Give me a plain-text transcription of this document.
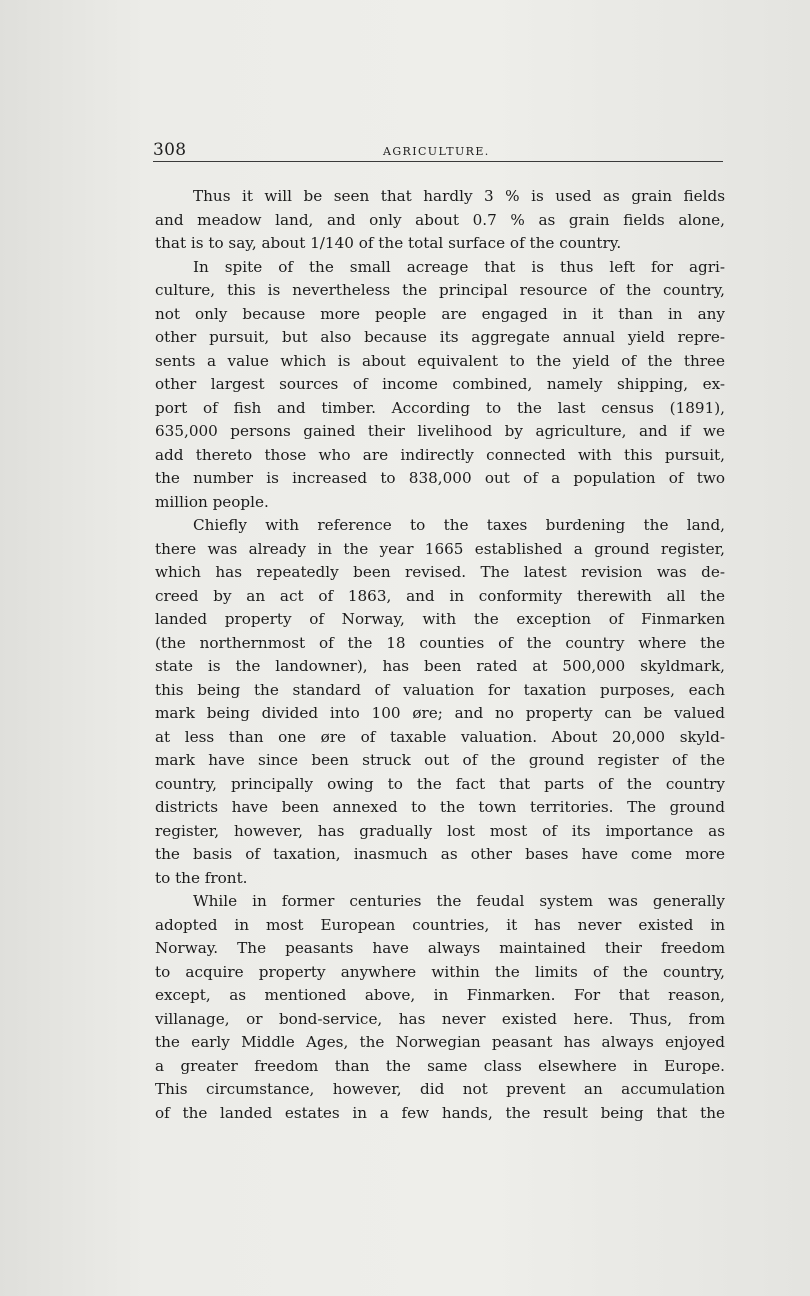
308	AGRICULTURE.
Thus it will be seen that hardly 3 % is used as grain fields
and meadow land, and only about 0.7 % as grain fields alone,
that is to say, about 1/140 of the total surface of the country.
In spite of the small acreage that is thus left for agri-
culture, this is nevertheless the principal resource of the country,
not only because more people are engaged in it than in any
other pursuit, but also because its aggregate annual yield repre-
sents a value which is about equivalent to the yield of the three
other largest sources of income combined, namely shipping, ex-
port of fish and timber. According to the last census (1891),
635,000 persons gained their livelihood by agriculture, and if we
add thereto those who are indirectly connected with this pursuit,
the number is increased to 838,000 out of a population of two
million people.
Chiefly with reference to the taxes burdening the land,
there was already in the year 1665 established a ground register,
which has repeatedly been revised. The latest revision was de-
creed by an act of 1863, and in conformity therewith all the
landed property of Norway, with the exception of Finmarken
(the northernmost of the 18 counties of the country where the
state is the landowner), has been rated at 500,000 skyldmark,
this being the standard of valuation for taxation purposes, each
mark being divided into 100 øre; and no property can be valued
at less than one øre of taxable valuation. About 20,000 skyld-
mark have since been struck out of the ground register of the
country, principally owing to the fact that parts of the country
districts have been annexed to the town territories. The ground
register, however, has gradually lost most of its importance as
the basis of taxation, inasmuch as other bases have come more
to the front.
While in former centuries the feudal system was generally
adopted in most European countries, it has never existed in
Norway. The peasants have always maintained their freedom
to acquire property anywhere within the limits of the country,
except, as mentioned above, in Finmarken. For that reason,
villanage, or bond-service, has never existed here. Thus, from
the early Middle Ages, the Norwegian peasant has always enjoyed
a greater freedom than the same class elsewhere in Europe.
This circumstance, however, did not prevent an accumulation
of the landed estates in a few hands, the result being that the
